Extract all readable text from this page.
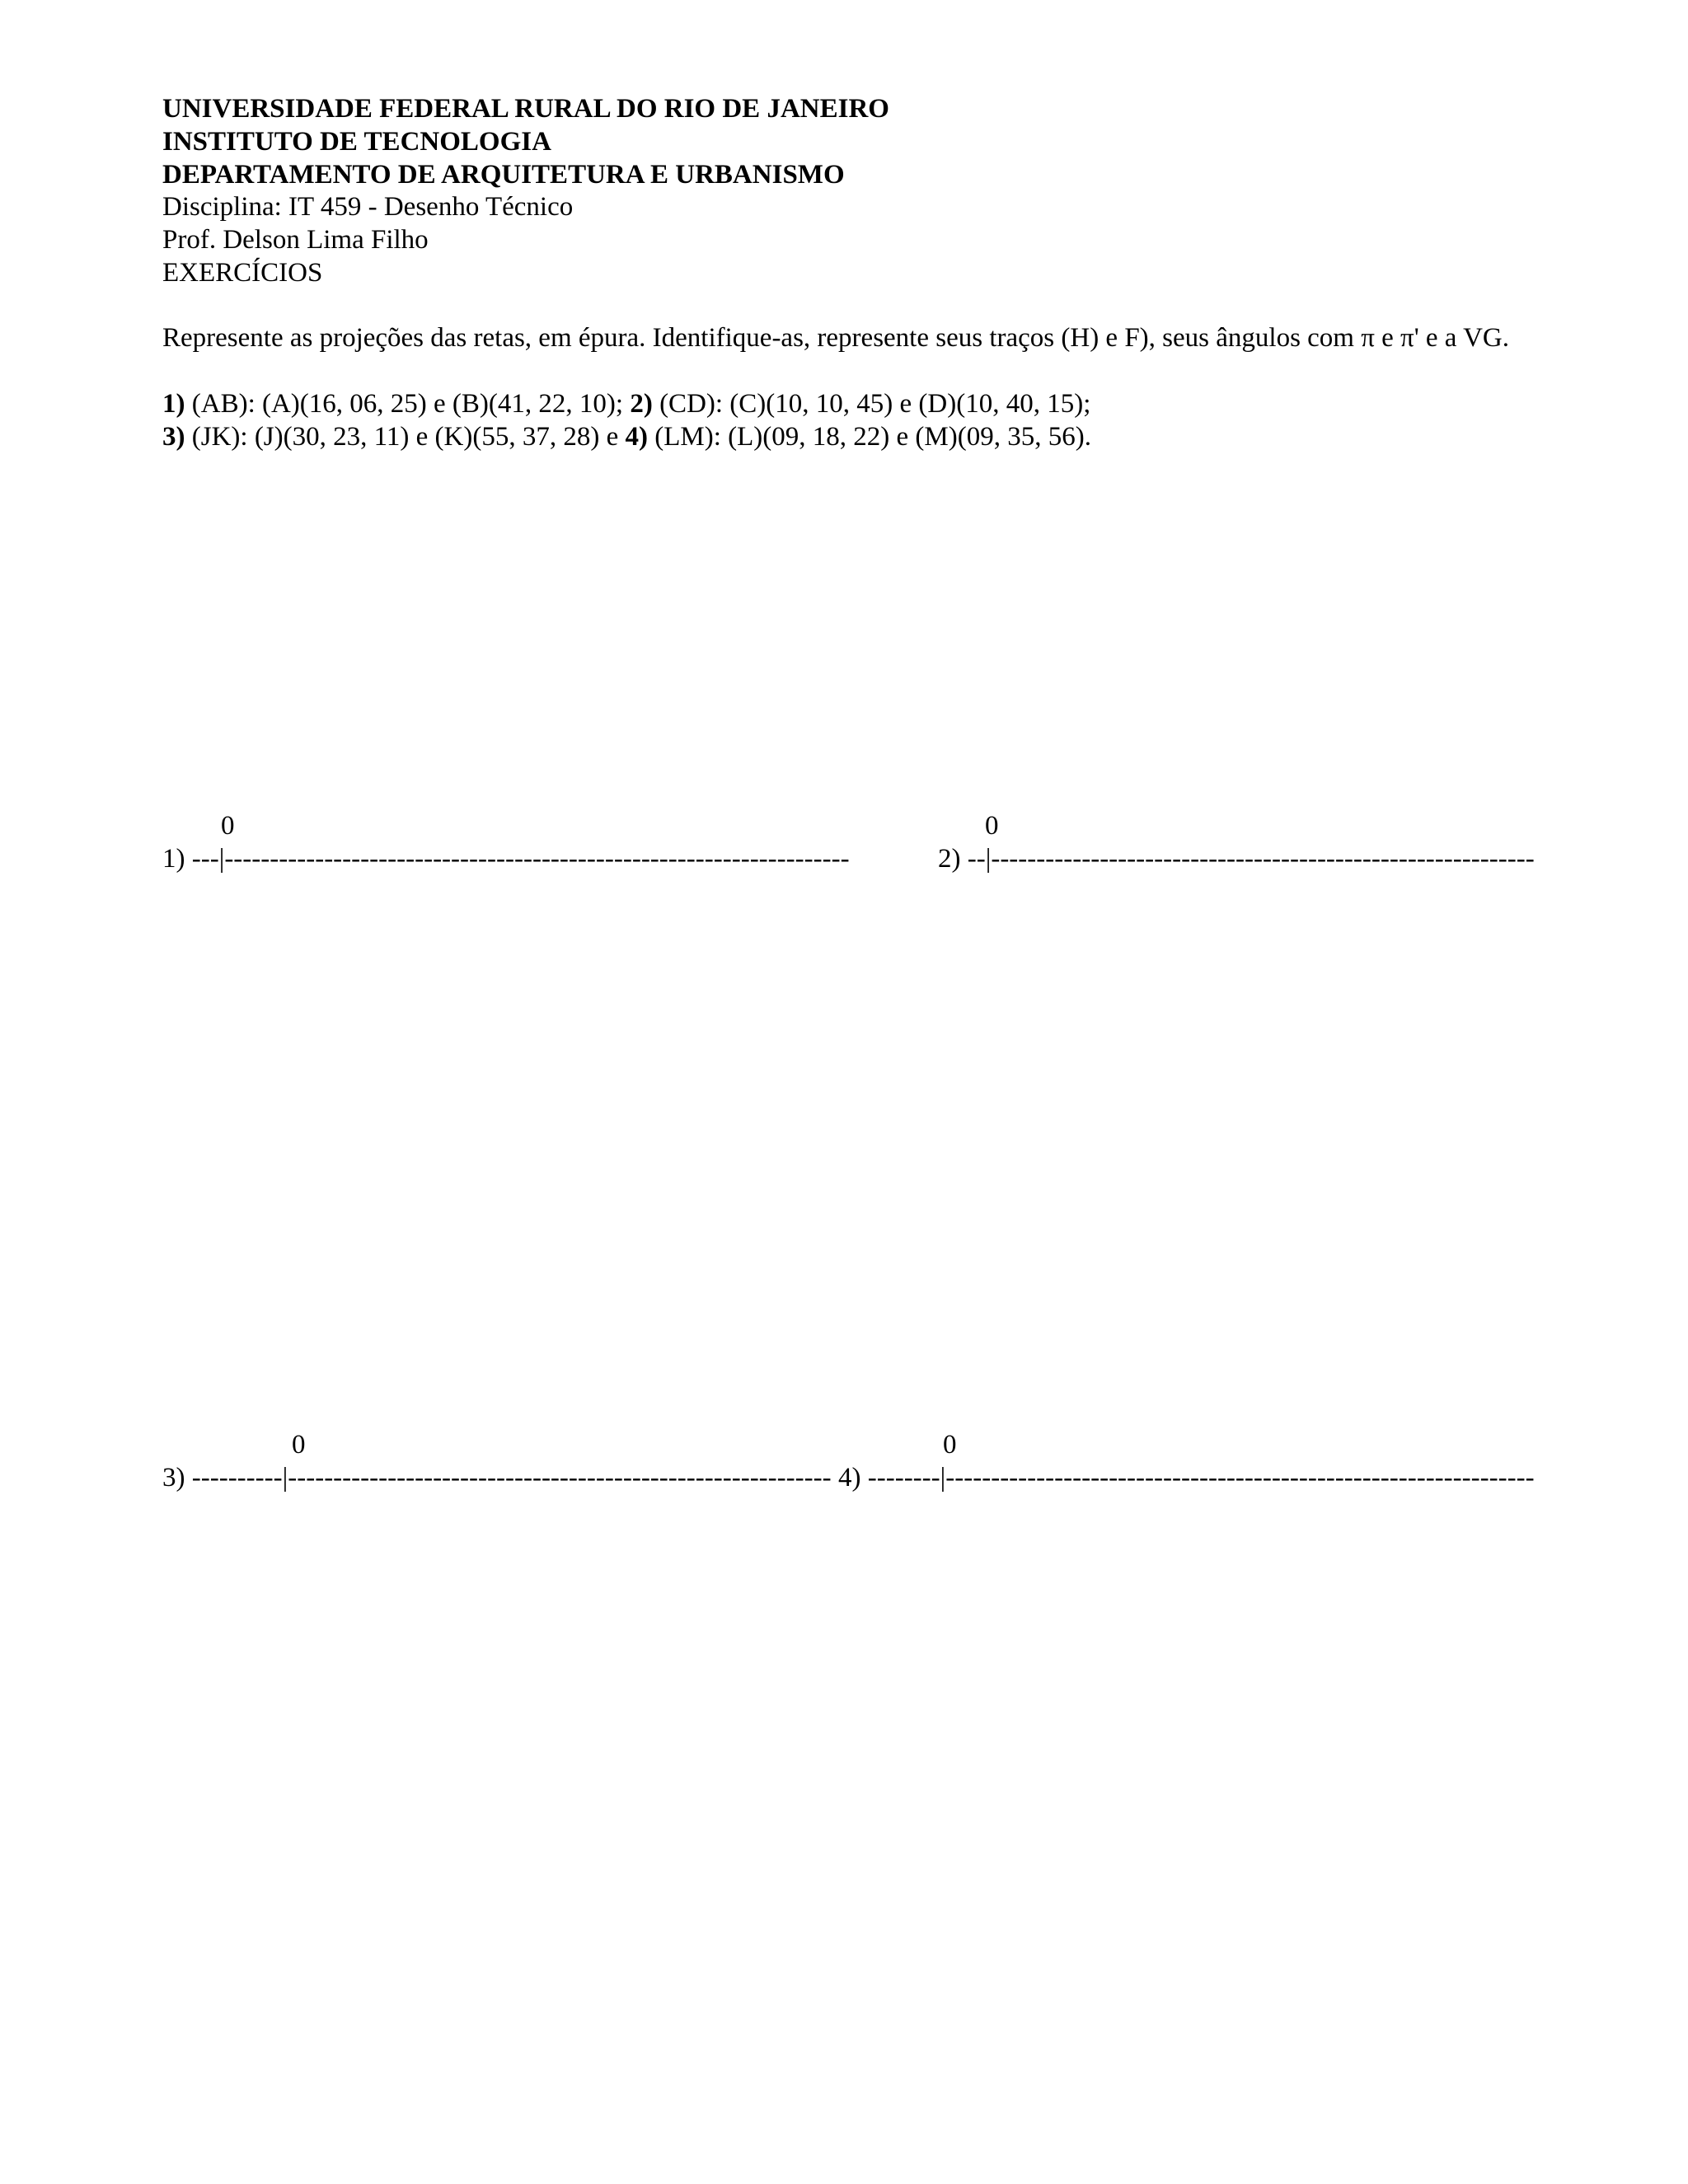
UNIVERSIDADE FEDERAL RURAL DO RIO DE JANEIRO
INSTITUTO DE TECNOLOGIA
DEPARTAMENTO DE ARQUITETURA E URBANISMO
Disciplina: IT 459 - Desenho Técnico
Prof. Delson Lima Filho
EXERCÍCIOS
Represente as projeções das retas, em épura. Identifique-as, represente seus traços (H) e F), seus ângulos com π e π' e a VG.
1) (AB): (A)(16, 06, 25) e (B)(41, 22, 10); 2) (CD): (C)(10, 10, 45) e (D)(10, 40, 15);
3) (JK): (J)(30, 23, 11) e (K)(55, 37, 28) e 4) (LM): (L)(09, 18, 22) e (M)(09, 35, 56).
0
1) ---|---------------------------------------------------------------------
0
2) --|------------------------------------------------------------
0
3) ----------|------------------------------------------------------------
0
4) --------|-----------------------------------------------------------------
